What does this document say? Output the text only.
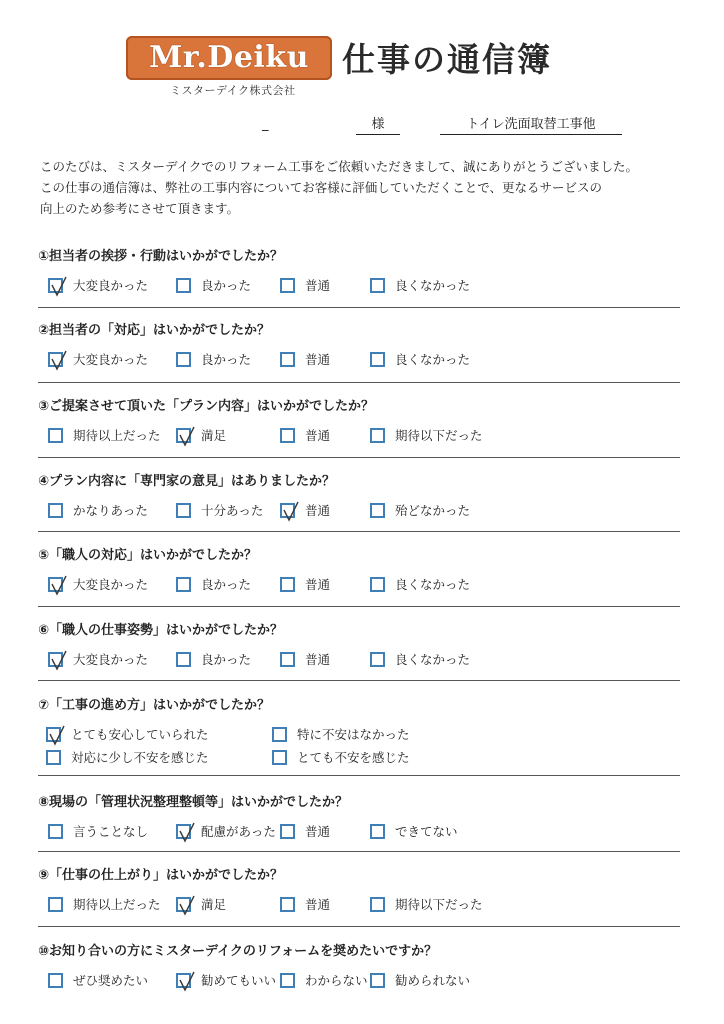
Mr.Deiku	仕事の通信簿
ミスターデイク株式会社
_	様	トイレ洗面取替工事他
このたびは、ミスターデイクでのリフォーム工事をご依頼いただきまして、誠にありがとうございました。
この仕事の通信簿は、弊社の工事内容についてお客様に評価していただくことで、更なるサービスの
向上のため参考にさせて頂きます。
①担当者の挨拶・行動はいかがでしたか？
大変良かった	良かった	普通	良くなかった
②担当者の「対応」はいかがでしたか？
大変良かった	良かった	普通	良くなかった
③ご提案させて頂いた「プラン内容」はいかがでしたか？
期待以上だった	満足	普通	期待以下だった
④プラン内容に「専門家の意見」はありましたか？
かなりあった	十分あった	普通	殆どなかった
⑤「職人の対応」はいかがでしたか？
大変良かった	良かった	普通	良くなかった
⑥「職人の仕事姿勢」はいかがでしたか？
大変良かった	良かった	普通	良くなかった
⑦「工事の進め方」はいかがでしたか？
とても安心していられた	特に不安はなかった
対応に少し不安を感じた	とても不安を感じた
⑧現場の「管理状況整理整頓等」はいかがでしたか？
言うことなし	配慮があった 普通	できてない
⑨「仕事の仕上がり」はいかがでしたか？
期待以上だった	満足	普通	期待以下だった
⑩お知り合いの方にミスターデイクのリフォームを奨めたいですか？
ぜひ奨めたい	勧めてもいい わからない 勧められない
